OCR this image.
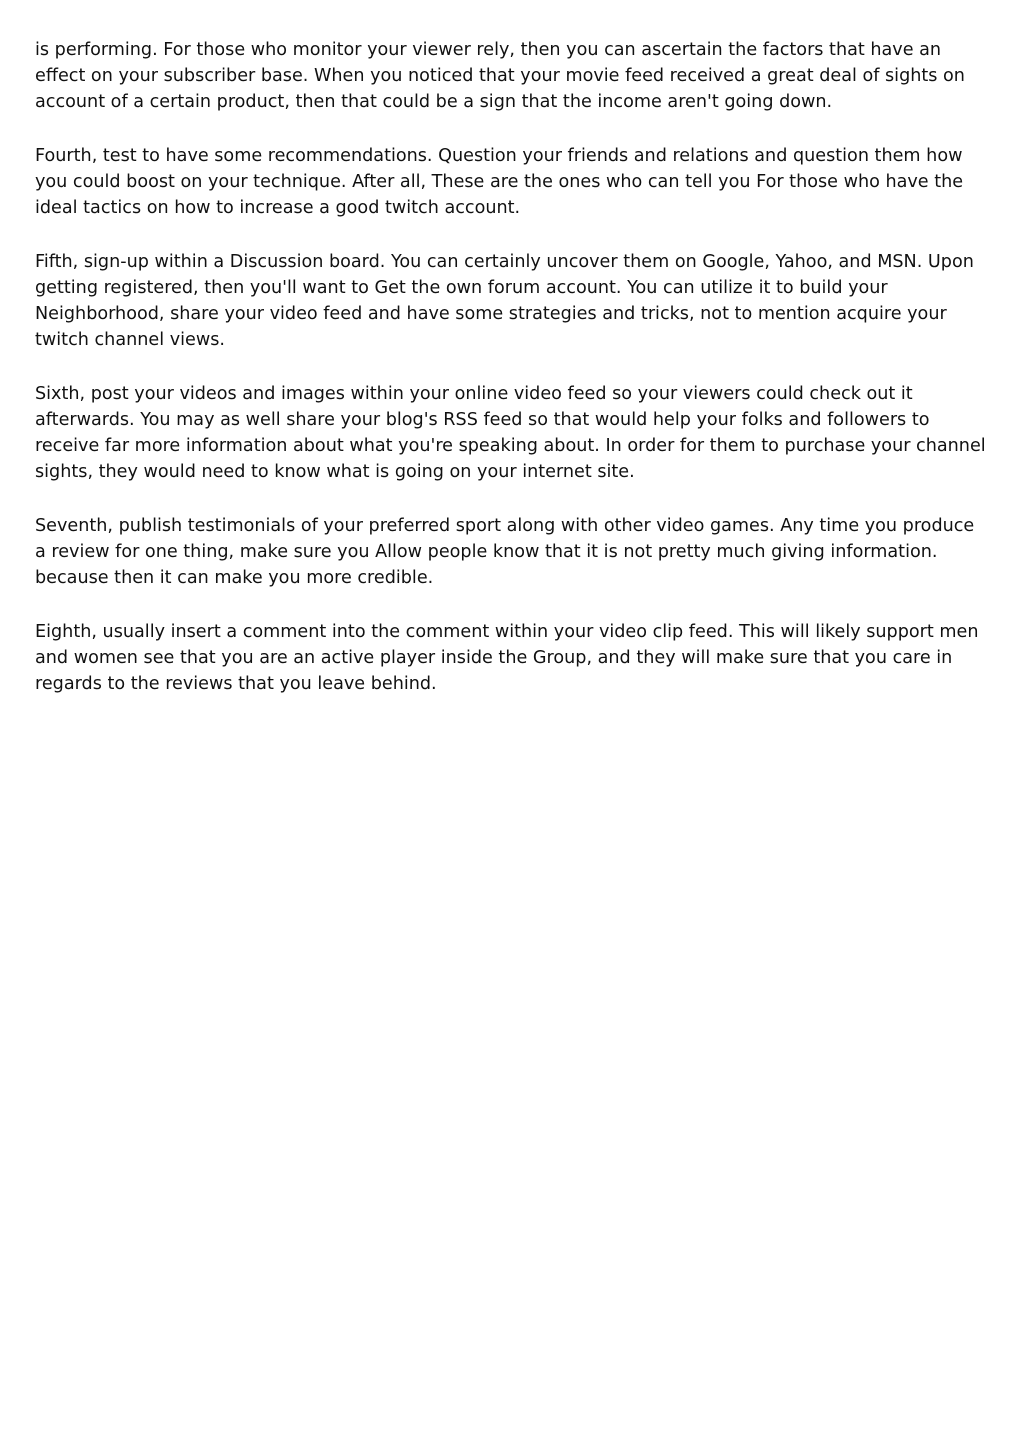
is performing. For those who monitor your viewer rely, then you can ascertain the factors that have an effect on your subscriber base. When you noticed that your movie feed received a great deal of sights on account of a certain product, then that could be a sign that the income aren't going down.

Fourth, test to have some recommendations. Question your friends and relations and question them how you could boost on your technique. After all, These are the ones who can tell you For those who have the ideal tactics on how to increase a good twitch account.

Fifth, sign-up within a Discussion board. You can certainly uncover them on Google, Yahoo, and MSN. Upon getting registered, then you'll want to Get the own forum account. You can utilize it to build your Neighborhood, share your video feed and have some strategies and tricks, not to mention acquire your twitch channel views.

Sixth, post your videos and images within your online video feed so your viewers could check out it afterwards. You may as well share your blog's RSS feed so that would help your folks and followers to receive far more information about what you're speaking about. In order for them to purchase your channel sights, they would need to know what is going on your internet site.

Seventh, publish testimonials of your preferred sport along with other video games. Any time you produce a review for one thing, make sure you Allow people know that it is not pretty much giving information. because then it can make you more credible.

Eighth, usually insert a comment into the comment within your video clip feed. This will likely support men and women see that you are an active player inside the Group, and they will make sure that you care in regards to the reviews that you leave behind.
